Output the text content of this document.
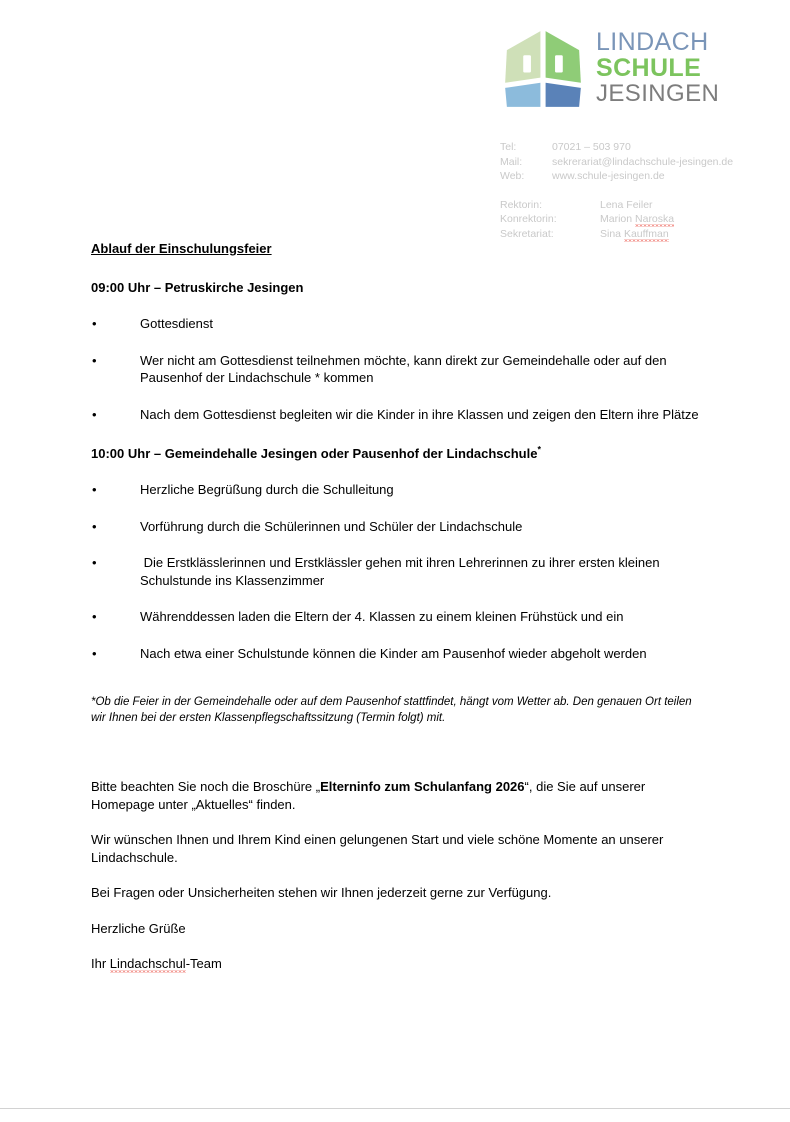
LINDACH
SCHULE
JESINGEN
Tel:	07021 – 503 970
Mail:	sekrerariat@lindachschule-jesingen.de
Web:	www.schule-jesingen.de
Rektorin:	Lena Feiler
Konrektorin:	Marion Naroska
Sekretariat:	Sina Kauffman

Ablauf der Einschulungsfeier

09:00 Uhr – Petruskirche Jesingen

• Gottesdienst
• Wer nicht am Gottesdienst teilnehmen möchte, kann direkt zur Gemeindehalle oder auf den Pausenhof der Lindachschule * kommen
• Nach dem Gottesdienst begleiten wir die Kinder in ihre Klassen und zeigen den Eltern ihre Plätze

10:00 Uhr – Gemeindehalle Jesingen oder Pausenhof der Lindachschule*

• Herzliche Begrüßung durch die Schulleitung
• Vorführung durch die Schülerinnen und Schüler der Lindachschule
•  Die Erstklässlerinnen und Erstklässler gehen mit ihren Lehrerinnen zu ihrer ersten kleinen Schulstunde ins Klassenzimmer
• Währenddessen laden die Eltern der 4. Klassen zu einem kleinen Frühstück und ein
• Nach etwa einer Schulstunde können die Kinder am Pausenhof wieder abgeholt werden

*Ob die Feier in der Gemeindehalle oder auf dem Pausenhof stattfindet, hängt vom Wetter ab. Den genauen Ort teilen wir Ihnen bei der ersten Klassenpflegschaftssitzung (Termin folgt) mit.

Bitte beachten Sie noch die Broschüre „Elterninfo zum Schulanfang 2026“, die Sie auf unserer Homepage unter „Aktuelles“ finden.

Wir wünschen Ihnen und Ihrem Kind einen gelungenen Start und viele schöne Momente an unserer Lindachschule.

Bei Fragen oder Unsicherheiten stehen wir Ihnen jederzeit gerne zur Verfügung.

Herzliche Grüße

Ihr Lindachschul-Team
